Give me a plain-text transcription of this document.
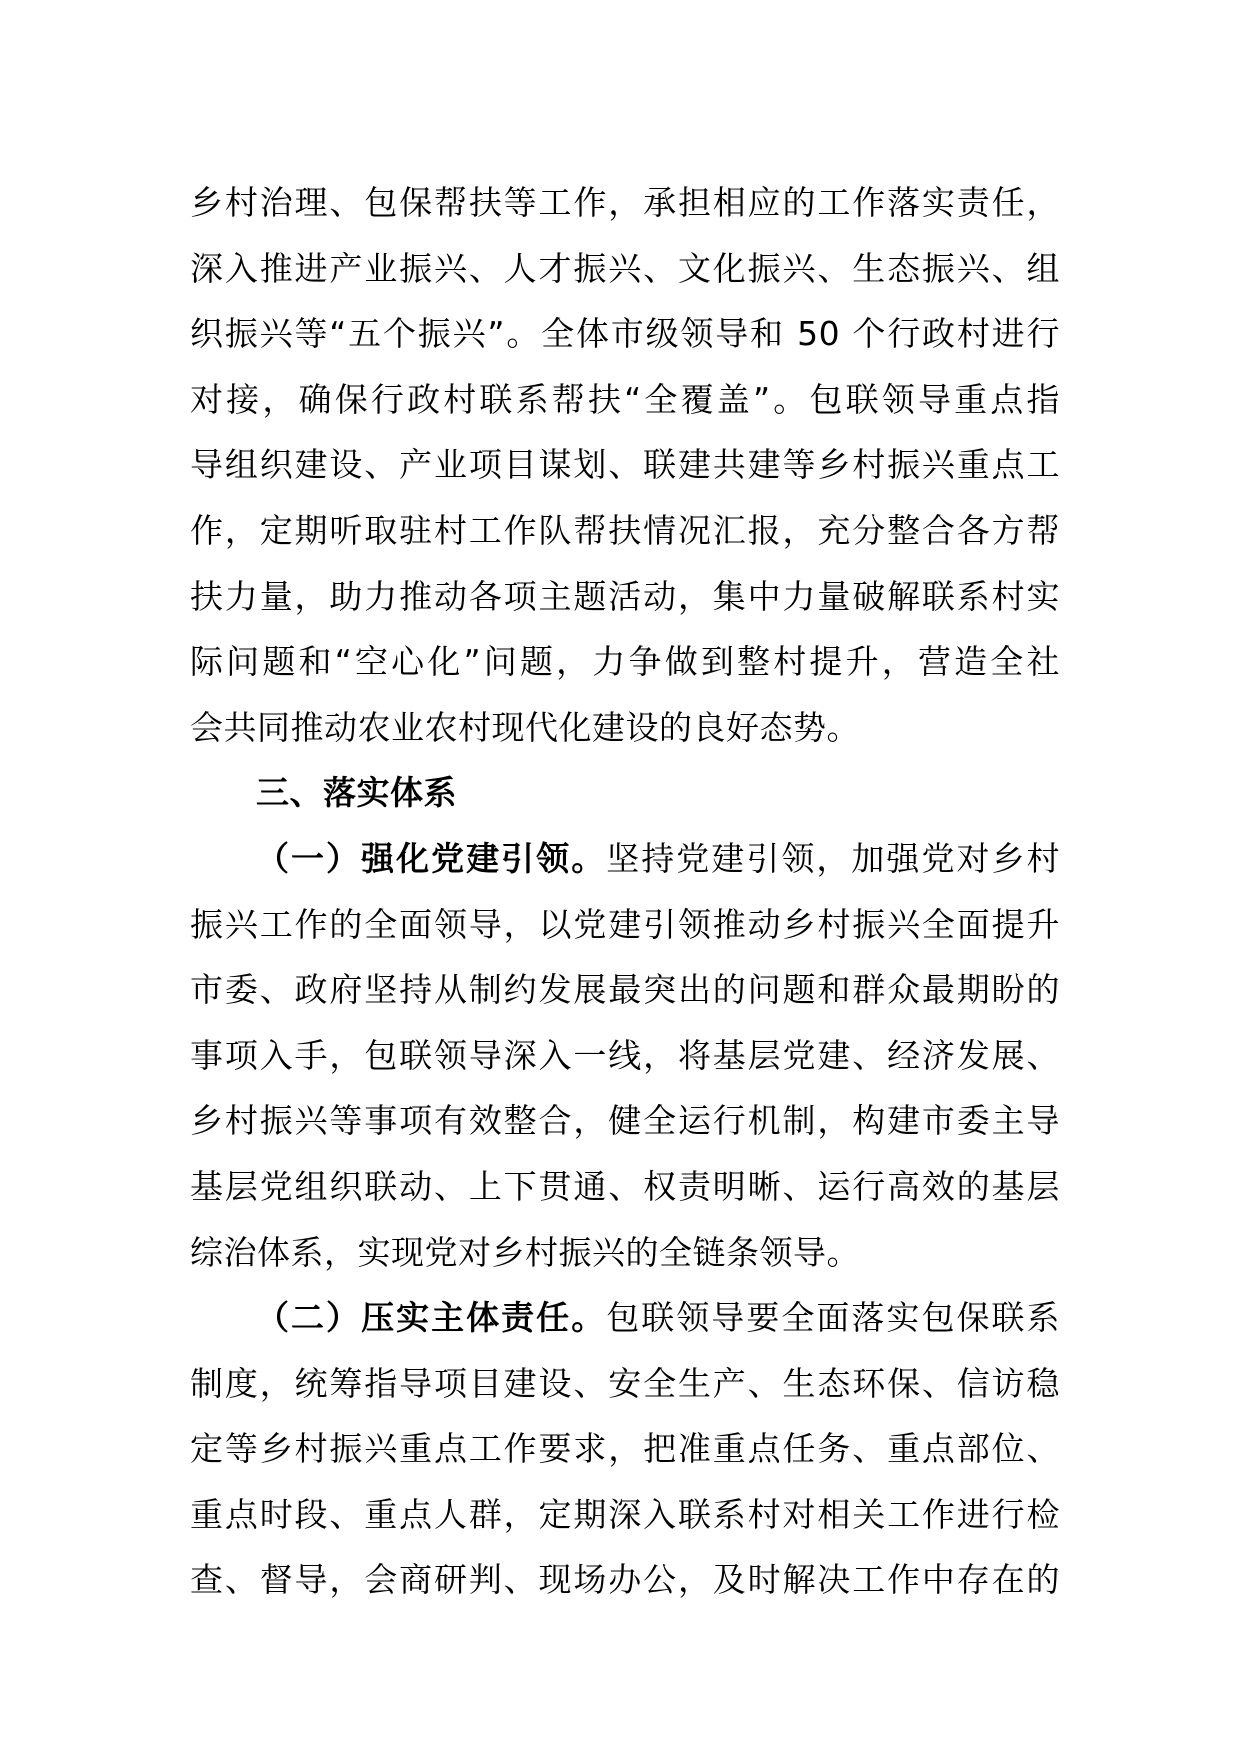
乡村治理、包保帮扶等工作，承担相应的工作落实责任，

深入推进产业振兴、人才振兴、文化振兴、生态振兴、组

织振兴等“五个振兴”。全体市级领导和 50 个行政村进行

对接，确保行政村联系帮扶“全覆盖”。包联领导重点指

导组织建设、产业项目谋划、联建共建等乡村振兴重点工

作，定期听取驻村工作队帮扶情况汇报，充分整合各方帮

扶力量，助力推动各项主题活动，集中力量破解联系村实

际问题和“空心化”问题，力争做到整村提升，营造全社

会共同推动农业农村现代化建设的良好态势。

三、落实体系

（一）强化党建引领。坚持党建引领，加强党对乡村

振兴工作的全面领导，以党建引领推动乡村振兴全面提升

市委、政府坚持从制约发展最突出的问题和群众最期盼的

事项入手，包联领导深入一线，将基层党建、经济发展、

乡村振兴等事项有效整合，健全运行机制，构建市委主导

基层党组织联动、上下贯通、权责明晰、运行高效的基层

综治体系，实现党对乡村振兴的全链条领导。

（二）压实主体责任。包联领导要全面落实包保联系

制度，统筹指导项目建设、安全生产、生态环保、信访稳

定等乡村振兴重点工作要求，把准重点任务、重点部位、

重点时段、重点人群，定期深入联系村对相关工作进行检

查、督导，会商研判、现场办公，及时解决工作中存在的
